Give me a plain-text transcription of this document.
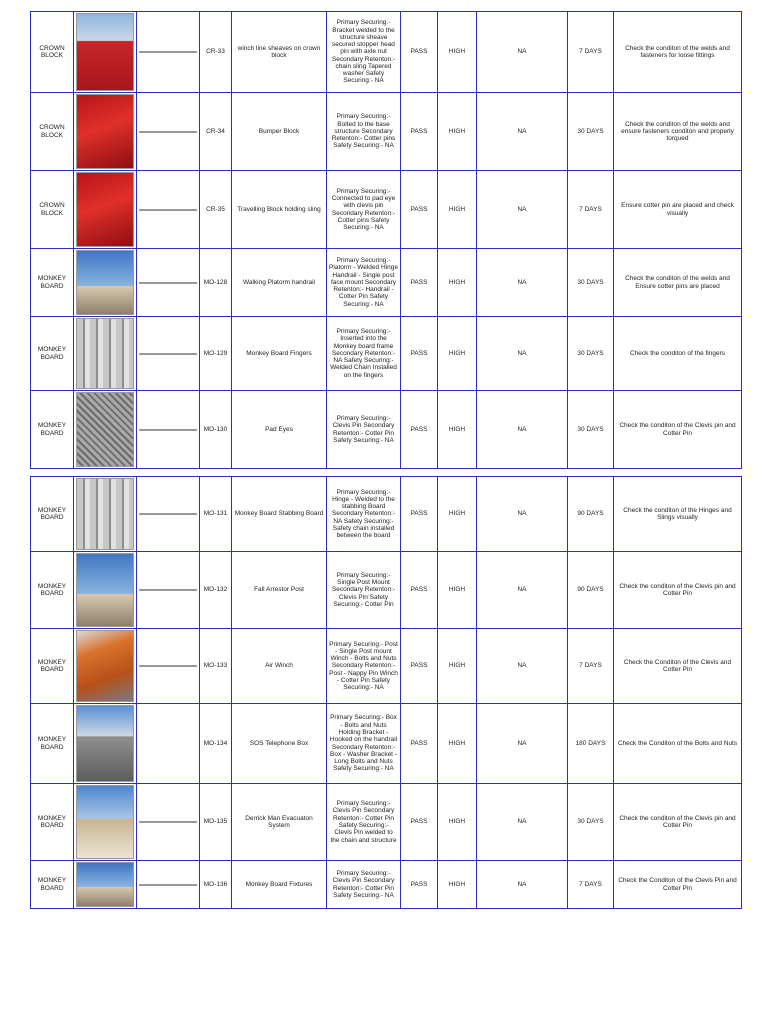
CROWN BLOCK			CR-33	winch line sheaves on crown block	Primary Securing:- Bracket welded to the structure sheave secured stopper head pin with axle nut Secondary Retenton:- chain sling Tapered washer Safety Securing:- NA	PASS	HIGH	NA	7 DAYS	Check the conditon of the welds and fasteners for loose fittings
CROWN BLOCK			CR-34	Bumper Block	Primary Securing:- Bolted to the base structure Secondary Retenton:- Cotter pins Safety Securing:- NA	PASS	HIGH	NA	30 DAYS	Check the conditon of the welds and ensure fasteners conditon and properly torqued
CROWN BLOCK			CR-35	Travelling Block holding sling	Primary Securing:- Connected to pad eye with clevis pin Secondary Retenton:- Cotter pins Safety Securing:- NA	PASS	HIGH	NA	7 DAYS	Ensure cotter pin are placed and check visually
MONKEY BOARD			MO-128	Walking Platorm handrail	Primary Securing:- Platorm - Welded Hinge Handrail - Single post face mount Secondary Retenton:- Handrail - Cotter Pin Safety Securing:- NA	PASS	HIGH	NA	30 DAYS	Check the conditon of the welds and Ensure cotter pins are placed
MONKEY BOARD			MO-129	Monkey Board Fingers	Primary Securing:- Inserted into the Monkey board frame Secondary Retenton:- NA Safety Securing:- Welded Chain Installed on the fingers	PASS	HIGH	NA	30 DAYS	Check the conditon of the fingers
MONKEY BOARD			MO-130	Pad Eyes	Primary Securing:- Clevis Pin Secondary Retenton:- Cotter Pin Safety Securing:- NA	PASS	HIGH	NA	30 DAYS	Check the conditon of the Clevis pin and Cotter Pin
MONKEY BOARD			MO-131	Monkey Board Stabbing Board	Primary Securing:- Hinge - Welded to the stabbing Board Secondary Retenton:- NA Safety Securing:- Safety chain installed between the board	PASS	HIGH	NA	90 DAYS	Check the conditon of the Hinges and Slings visually
MONKEY BOARD			MO-132	Fall Arrestor Post	Primary Securing:- Single Post Mount Secondary Retenton:- Clevis Pin Safety Securing:- Cotter Pin	PASS	HIGH	NA	90 DAYS	Check the conditon of the Clevis pin and Cotter Pin
MONKEY BOARD			MO-133	Air Winch	Primary Securing:- Post - Single Post mount Winch - Bolts and Nuts Secondary Retenton:- Post - Nappy Pin Winch - Cotter Pin Safety Securing:- NA	PASS	HIGH	NA	7 DAYS	Check the Conditon of the Clevis and Cotter Pin
MONKEY BOARD			MO-134	SOS Telephone Box	Primary Securing:- Box - Bolts and Nuts Holding Bracket - Hooked on the handrail Secondary Retenton:- Box - Washer Bracket - Long Bolts and Nuts Safety Securing:- NA	PASS	HIGH	NA	180 DAYS	Check the Conditon of the Bolts and Nuts
MONKEY BOARD			MO-135	Derrick Man Evacuaton System	Primary Securing:- Clevis Pin Secondary Retenton:- Cotter Pin Safety Securing:- Clevis Pin welded to the chain and structure	PASS	HIGH	NA	30 DAYS	Check the conditon of the Clevis pin and Cotter Pin
MONKEY BOARD			MO-136	Monkey Board Fixtures	Primary Securing:- Clevis Pin Secondary Retenton:- Cotter Pin Safety Securing:- NA	PASS	HIGH	NA	7 DAYS	Check the Conditon of the Clevis Pin and Cotter Pin
